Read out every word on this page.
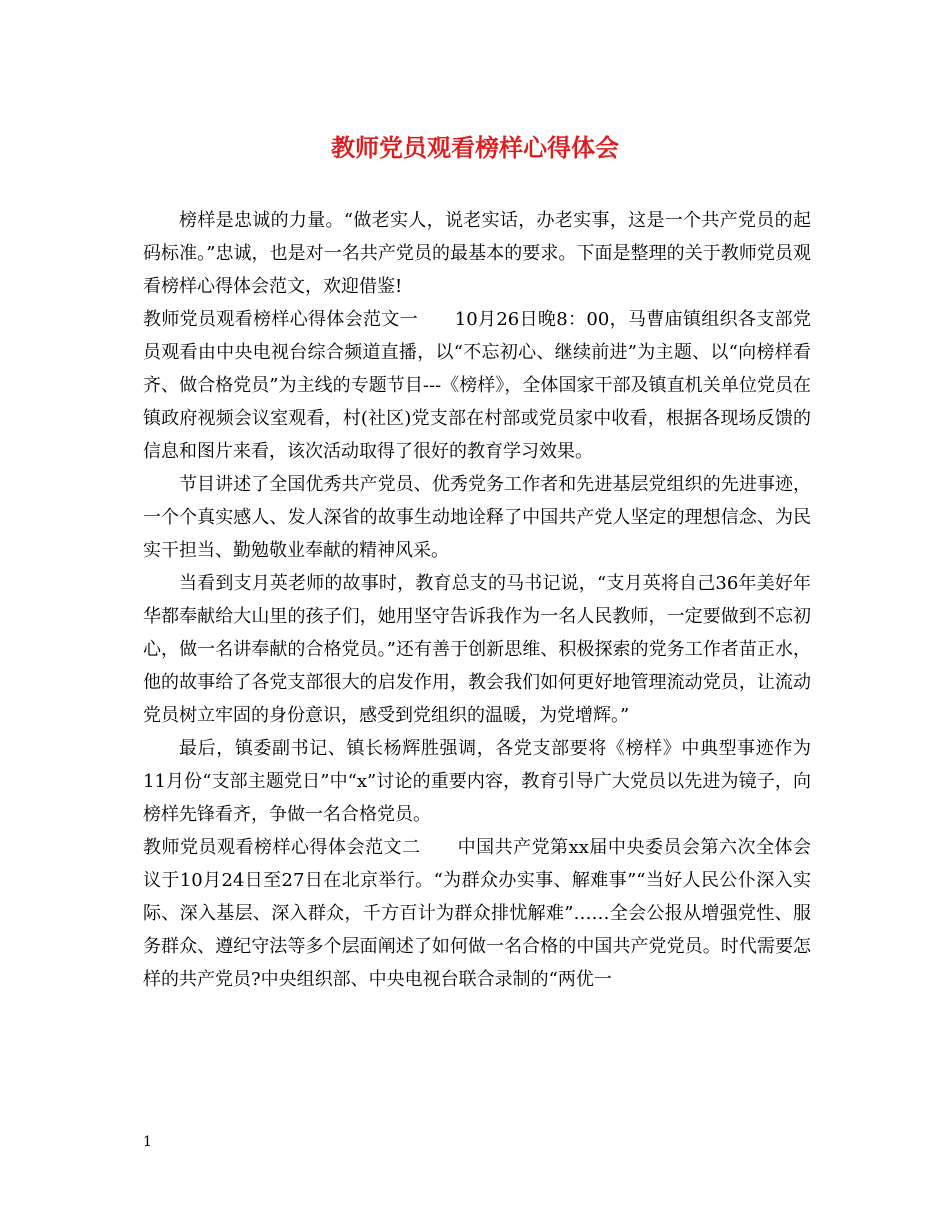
教师党员观看榜样心得体会

榜样是忠诚的力量。“做老实人，说老实话，办老实事，这是一个共产党员的起码标准。”忠诚，也是对一名共产党员的最基本的要求。下面是整理的关于教师党员观看榜样心得体会范文，欢迎借鉴!

教师党员观看榜样心得体会范文一　　10月26日晚8：00，马曹庙镇组织各支部党员观看由中央电视台综合频道直播，以“不忘初心、继续前进”为主题、以“向榜样看齐、做合格党员”为主线的专题节目---《榜样》，全体国家干部及镇直机关单位党员在镇政府视频会议室观看，村(社区)党支部在村部或党员家中收看，根据各现场反馈的信息和图片来看，该次活动取得了很好的教育学习效果。

节目讲述了全国优秀共产党员、优秀党务工作者和先进基层党组织的先进事迹，一个个真实感人、发人深省的故事生动地诠释了中国共产党人坚定的理想信念、为民实干担当、勤勉敬业奉献的精神风采。

当看到支月英老师的故事时，教育总支的马书记说，“支月英将自己36年美好年华都奉献给大山里的孩子们，她用坚守告诉我作为一名人民教师，一定要做到不忘初心，做一名讲奉献的合格党员。”还有善于创新思维、积极探索的党务工作者苗正水，他的故事给了各党支部很大的启发作用，教会我们如何更好地管理流动党员，让流动党员树立牢固的身份意识，感受到党组织的温暖，为党增辉。”

最后，镇委副书记、镇长杨辉胜强调，各党支部要将《榜样》中典型事迹作为11月份“支部主题党日”中“x”讨论的重要内容，教育引导广大党员以先进为镜子，向榜样先锋看齐，争做一名合格党员。

教师党员观看榜样心得体会范文二　　中国共产党第xx届中央委员会第六次全体会议于10月24日至27日在北京举行。“为群众办实事、解难事”“当好人民公仆深入实际、深入基层、深入群众，千方百计为群众排忧解难”……全会公报从增强党性、服务群众、遵纪守法等多个层面阐述了如何做一名合格的中国共产党党员。时代需要怎样的共产党员?中央组织部、中央电视台联合录制的“两优一

1
